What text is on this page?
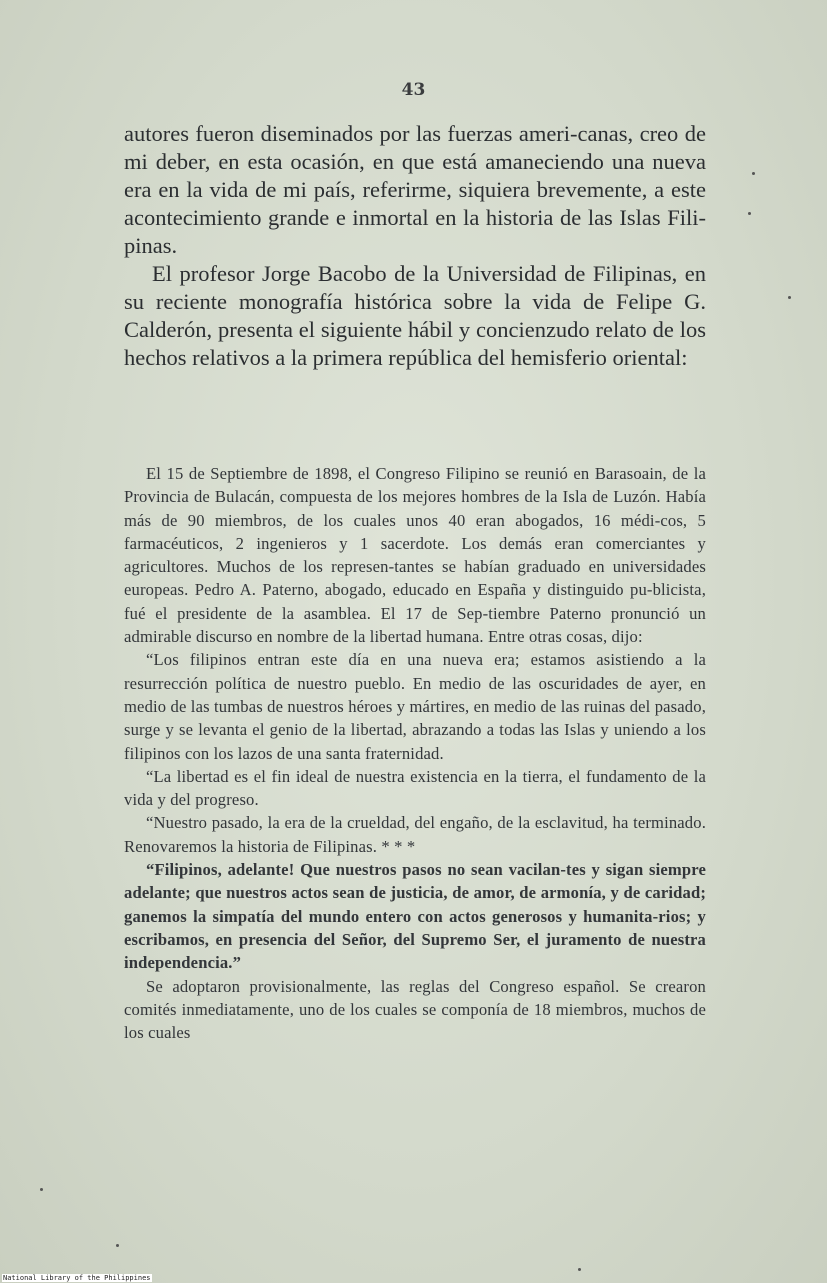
43

autores fueron diseminados por las fuerzas ameri-canas, creo de mi deber, en esta ocasión, en que está amaneciendo una nueva era en la vida de mi país, referirme, siquiera brevemente, a este acontecimiento grande e inmortal en la historia de las Islas Fili-pinas.

El profesor Jorge Bacobo de la Universidad de Filipinas, en su reciente monografía histórica sobre la vida de Felipe G. Calderón, presenta el siguiente hábil y concienzudo relato de los hechos relativos a la primera república del hemisferio oriental:

El 15 de Septiembre de 1898, el Congreso Filipino se reunió en Barasoain, de la Provincia de Bulacán, compuesta de los mejores hombres de la Isla de Luzón. Había más de 90 miembros, de los cuales unos 40 eran abogados, 16 médi-cos, 5 farmacéuticos, 2 ingenieros y 1 sacerdote. Los demás eran comerciantes y agricultores. Muchos de los represen-tantes se habían graduado en universidades europeas. Pedro A. Paterno, abogado, educado en España y distinguido pu-blicista, fué el presidente de la asamblea. El 17 de Sep-tiembre Paterno pronunció un admirable discurso en nombre de la libertad humana. Entre otras cosas, dijo:

“Los filipinos entran este día en una nueva era; estamos asistiendo a la resurrección política de nuestro pueblo. En medio de las oscuridades de ayer, en medio de las tumbas de nuestros héroes y mártires, en medio de las ruinas del pasado, surge y se levanta el genio de la libertad, abrazando a todas las Islas y uniendo a los filipinos con los lazos de una santa fraternidad.

“La libertad es el fin ideal de nuestra existencia en la tierra, el fundamento de la vida y del progreso.

“Nuestro pasado, la era de la crueldad, del engaño, de la esclavitud, ha terminado. Renovaremos la historia de Filipinas. * * *

“Filipinos, adelante! Que nuestros pasos no sean vacilan-tes y sigan siempre adelante; que nuestros actos sean de justicia, de amor, de armonía, y de caridad; ganemos la simpatía del mundo entero con actos generosos y humanita-rios; y escribamos, en presencia del Señor, del Supremo Ser, el juramento de nuestra independencia.”

Se adoptaron provisionalmente, las reglas del Congreso español. Se crearon comités inmediatamente, uno de los cuales se componía de 18 miembros, muchos de los cuales

National Library of the Philippines
